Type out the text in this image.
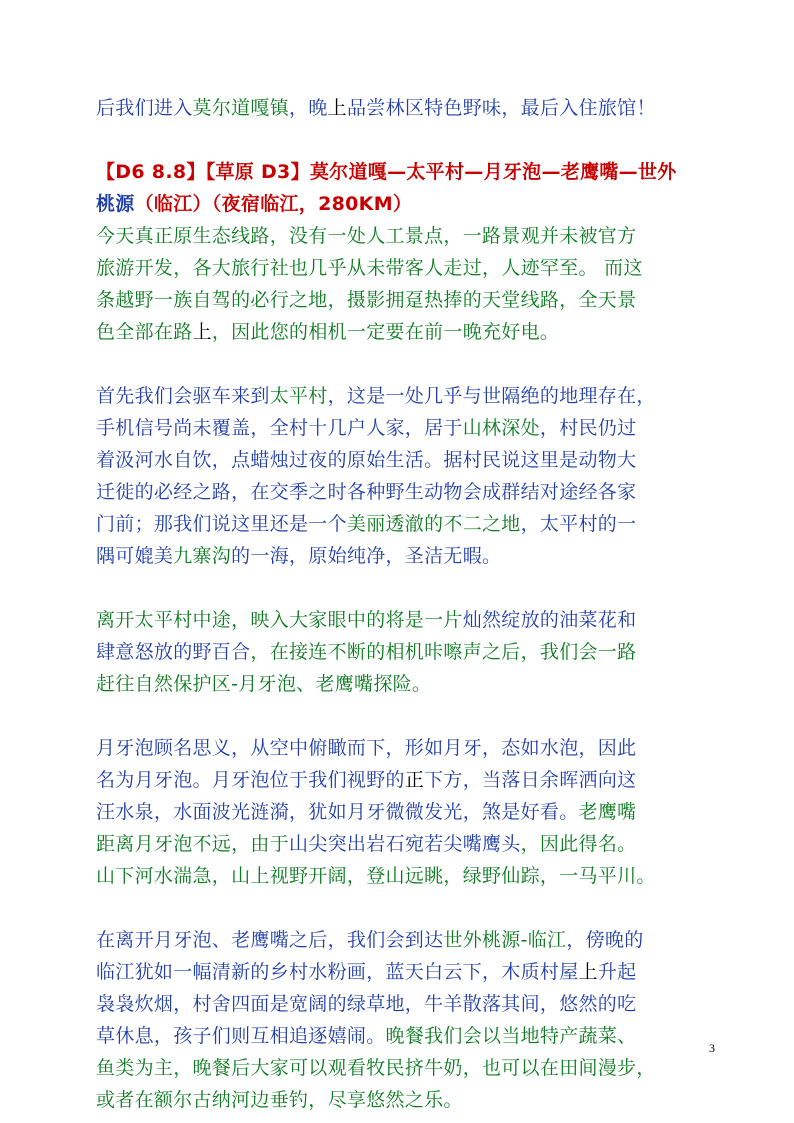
后我们进入莫尔道嘎镇，晚上品尝林区特色野味，最后入住旅馆！
【D6 8.8】【草原 D3】莫尔道嘎—太平村—月牙泡—老鹰嘴—世外
桃源（临江）（夜宿临江，280KM）
今天真正原生态线路，没有一处人工景点，一路景观并未被官方
旅游开发，各大旅行社也几乎从未带客人走过，人迹罕至。 而这
条越野一族自驾的必行之地，摄影拥趸热捧的天堂线路，全天景
色全部在路上，因此您的相机一定要在前一晚充好电。
首先我们会驱车来到太平村，这是一处几乎与世隔绝的地理存在，
手机信号尚未覆盖，全村十几户人家，居于山林深处，村民仍过
着汲河水自饮，点蜡烛过夜的原始生活。据村民说这里是动物大
迁徙的必经之路，在交季之时各种野生动物会成群结对途经各家
门前；那我们说这里还是一个美丽透澈的不二之地，太平村的一
隅可媲美九寨沟的一海，原始纯净，圣洁无暇。
离开太平村中途，映入大家眼中的将是一片灿然绽放的油菜花和
肆意怒放的野百合，在接连不断的相机咔嚓声之后，我们会一路
赶往自然保护区-月牙泡、老鹰嘴探险。
月牙泡顾名思义，从空中俯瞰而下，形如月牙，态如水泡，因此
名为月牙泡。月牙泡位于我们视野的正下方，当落日余晖洒向这
汪水泉，水面波光涟漪，犹如月牙微微发光，煞是好看。老鹰嘴
距离月牙泡不远，由于山尖突出岩石宛若尖嘴鹰头，因此得名。
山下河水湍急，山上视野开阔，登山远眺，绿野仙踪，一马平川。
在离开月牙泡、老鹰嘴之后，我们会到达世外桃源-临江，傍晚的
临江犹如一幅清新的乡村水粉画，蓝天白云下，木质村屋上升起
袅袅炊烟，村舍四面是宽阔的绿草地，牛羊散落其间，悠然的吃
草休息，孩子们则互相追逐嬉闹。晚餐我们会以当地特产蔬菜、
鱼类为主，晚餐后大家可以观看牧民挤牛奶，也可以在田间漫步，
或者在额尔古纳河边垂钓，尽享悠然之乐。
3
